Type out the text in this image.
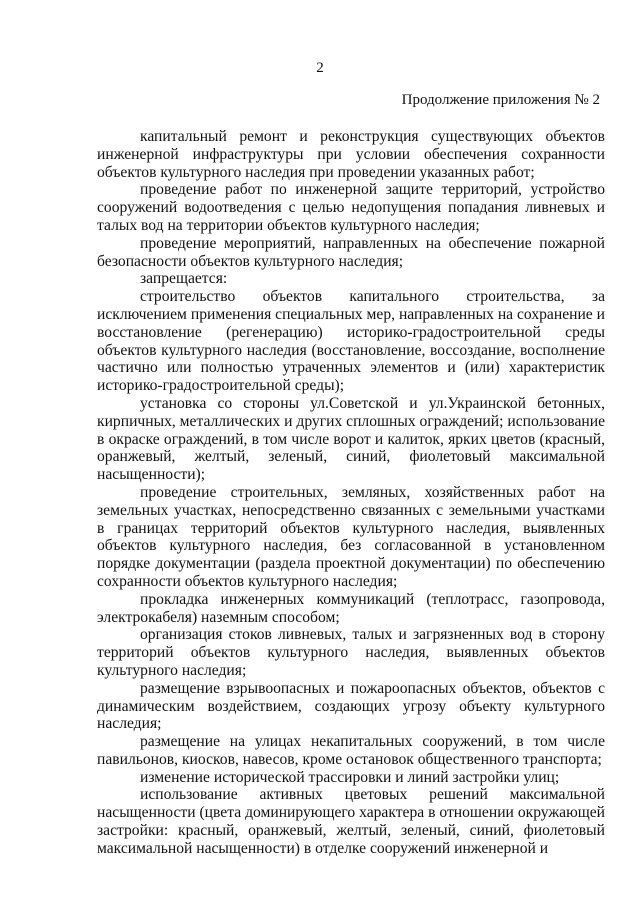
2
Продолжение приложения № 2

капитальный ремонт и реконструкция существующих объектов инженерной инфраструктуры при условии обеспечения сохранности объектов культурного наследия при проведении указанных работ;

проведение работ по инженерной защите территорий, устройство сооружений водоотведения с целью недопущения попадания ливневых и талых вод на территории объектов культурного наследия;

проведение мероприятий, направленных на обеспечение пожарной безопасности объектов культурного наследия;

запрещается:

строительство объектов капитального строительства, за исключением применения специальных мер, направленных на сохранение и восстановление (регенерацию) историко-градостроительной среды объектов культурного наследия (восстановление, воссоздание, восполнение частично или полностью утраченных элементов и (или) характеристик историко-градостроительной среды);

установка со стороны ул.Советской и ул.Украинской бетонных, кирпичных, металлических и других сплошных ограждений; использование в окраске ограждений, в том числе ворот и калиток, ярких цветов (красный, оранжевый, желтый, зеленый, синий, фиолетовый максимальной насыщенности);

проведение строительных, земляных, хозяйственных работ на земельных участках, непосредственно связанных с земельными участками в границах территорий объектов культурного наследия, выявленных объектов культурного наследия, без согласованной в установленном порядке документации (раздела проектной документации) по обеспечению сохранности объектов культурного наследия;

прокладка инженерных коммуникаций (теплотрасс, газопровода, электрокабеля) наземным способом;

организация стоков ливневых, талых и загрязненных вод в сторону территорий объектов культурного наследия, выявленных объектов культурного наследия;

размещение взрывоопасных и пожароопасных объектов, объектов с динамическим воздействием, создающих угрозу объекту культурного наследия;

размещение на улицах некапитальных сооружений, в том числе павильонов, киосков, навесов, кроме остановок общественного транспорта;

изменение исторической трассировки и линий застройки улиц;

использование активных цветовых решений максимальной насыщенности (цвета доминирующего характера в отношении окружающей застройки: красный, оранжевый, желтый, зеленый, синий, фиолетовый максимальной насыщенности) в отделке сооружений инженерной и
